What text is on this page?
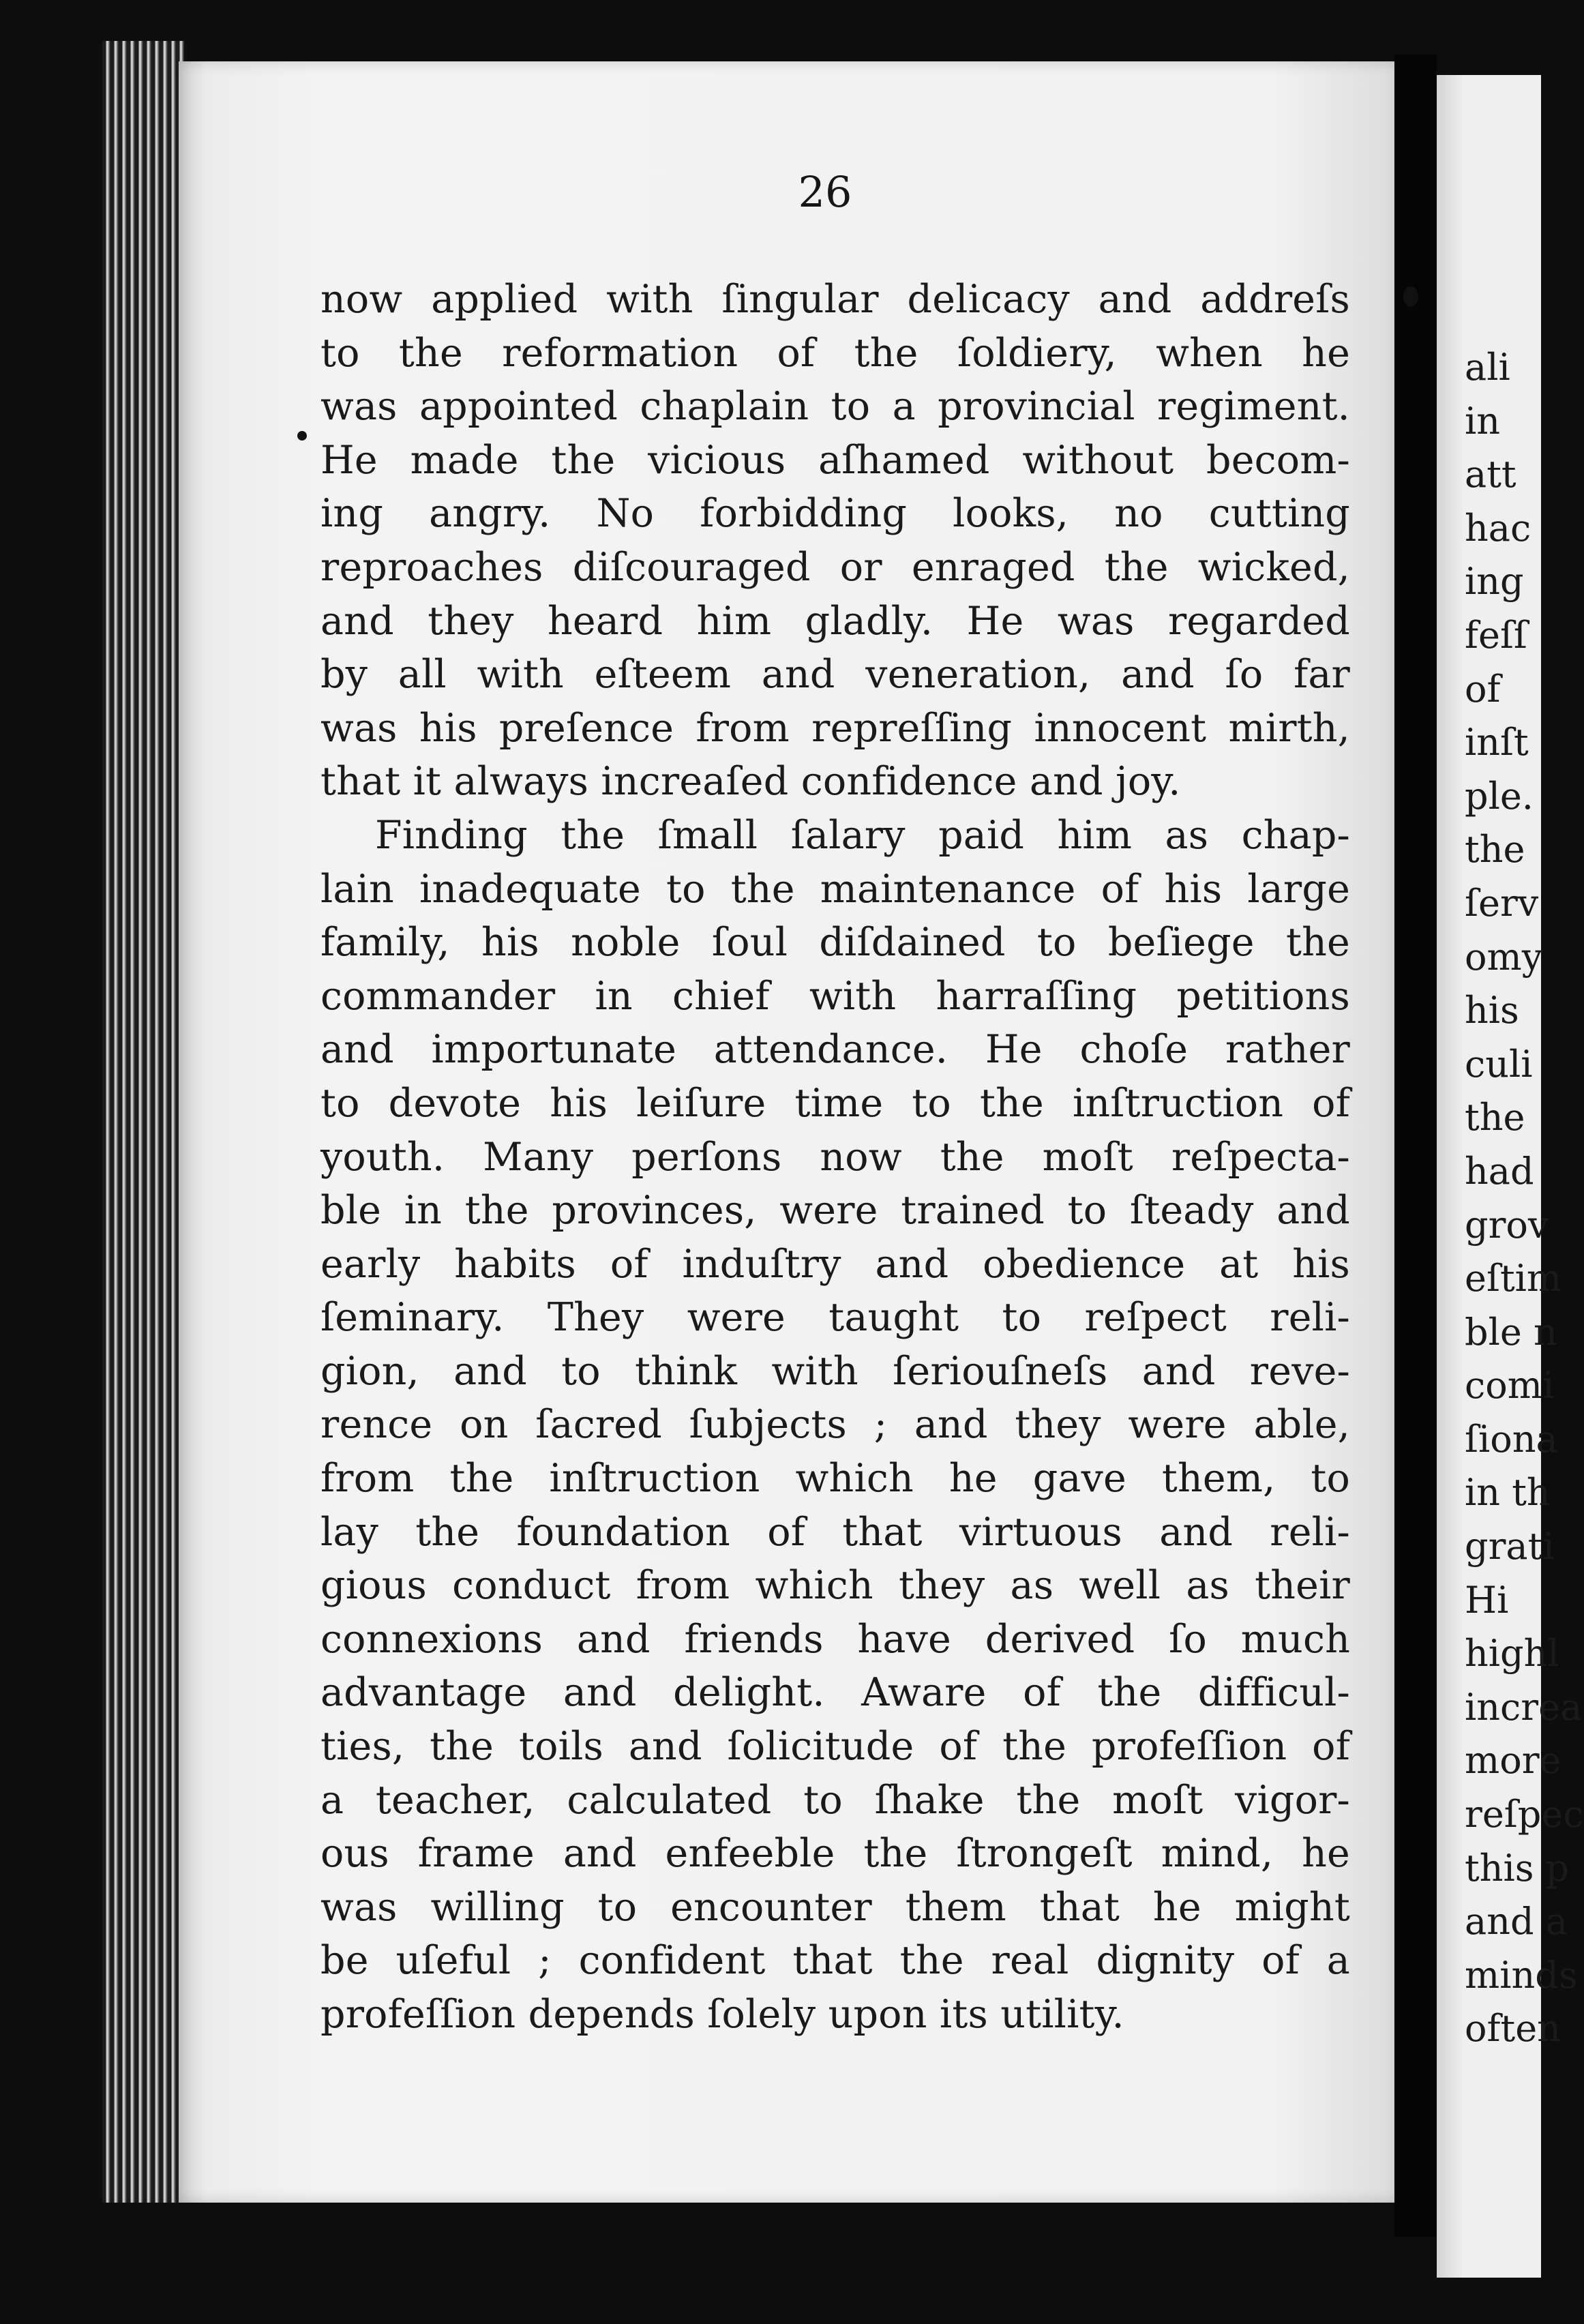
26

now applied with ſingular delicacy and addreſs
to the reformation of the ſoldiery, when he
was appointed chaplain to a provincial regiment.
He made the vicious aſhamed without becom-
ing angry. No forbidding looks, no cutting
reproaches diſcouraged or enraged the wicked,
and they heard him gladly. He was regarded
by all with eſteem and veneration, and ſo far
was his preſence from repreſſing innocent mirth,
that it always increaſed confidence and joy.
Finding the ſmall ſalary paid him as chap-
lain inadequate to the maintenance of his large
family, his noble ſoul diſdained to beſiege the
commander in chief with harraſſing petitions
and importunate attendance. He choſe rather
to devote his leiſure time to the inſtruction of
youth. Many perſons now the moſt reſpecta-
ble in the provinces, were trained to ſteady and
early habits of induſtry and obedience at his
ſeminary. They were taught to reſpect reli-
gion, and to think with ſeriouſneſs and reve-
rence on ſacred ſubjects ; and they were able,
from the inſtruction which he gave them, to
lay the foundation of that virtuous and reli-
gious conduct from which they as well as their
connexions and friends have derived ſo much
advantage and delight. Aware of the difficul-
ties, the toils and ſolicitude of the profeſſion of
a teacher, calculated to ſhake the moſt vigor-
ous frame and enfeeble the ſtrongeſt mind, he
was willing to encounter them that he might
be uſeful ; confident that the real dignity of a
profeſſion depends ſolely upon its utility.
ali
in
att
hac
ing
feſſ
of
inſt
ple.
the
ſerv
omy
his
culi
the
had
grov
eſtim
ble n
comi
ſiona
in th
grati
Hi
highl
increa
more
reſpec
this p
and a
minds
often
